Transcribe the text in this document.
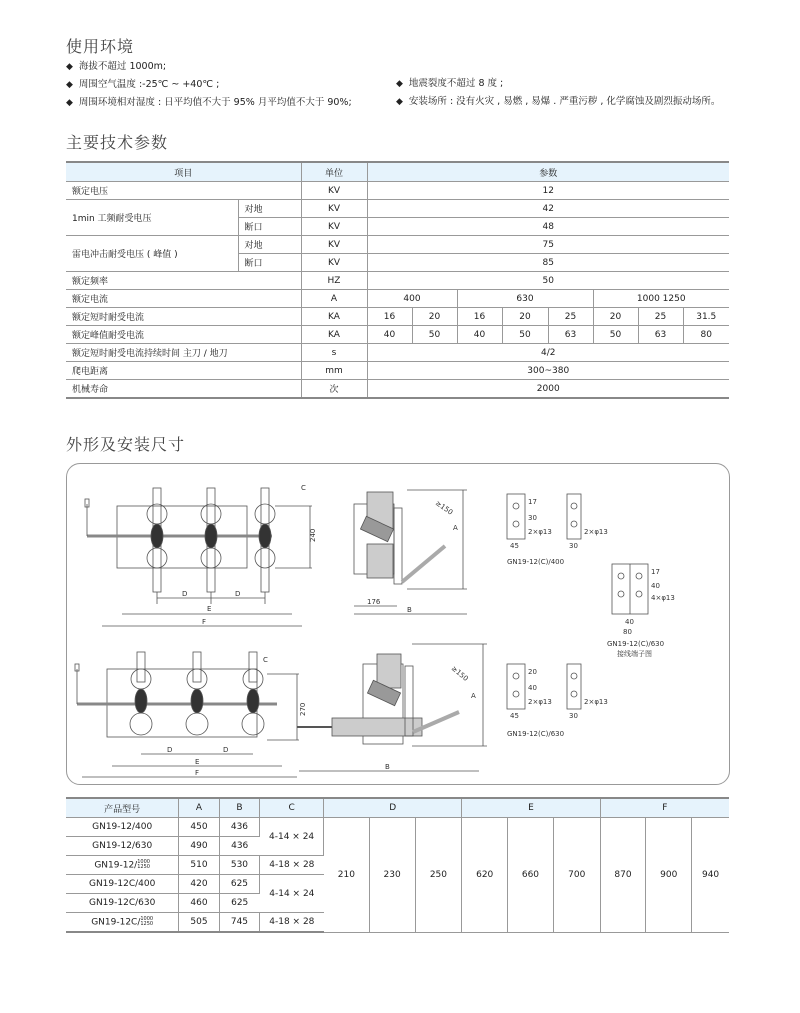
使用环境
◆ 海拔不超过 1000m;
◆ 周围空气温度 :-25℃ ~ +40℃ ;
◆ 周围环境相对湿度 : 日平均值不大于 95% 月平均值不大于 90%;
◆ 地震裂度不超过 8 度 ;
◆ 安装场所 : 没有火灾 , 易燃 , 易爆 . 严重污秽 , 化学腐蚀及剧烈振动场所。
主要技术参数
项目		单位	参数							
额定电压		KV	12							
1min 工频耐受电压	对地	KV	42							
	断口	KV	48							
雷电冲击耐受电压 ( 峰值 )	对地	KV	75							
	断口	KV	85							
额定频率		HZ	50							
额定电流		A	400		630			1000 1250		
额定短时耐受电流		KA	16	20	16	20	25	20	25	31.5
额定峰值耐受电流		KA	40	50	40	50	63	50	63	80
额定短时耐受电流持续时间 主刀 / 地刀		s	4/2							
爬电距离		mm	300~380							
机械寿命		次	2000							
外形及安装尺寸
C
240
D	D
E
F
≥150
A
176
B
17
30
2×φ13
45
2×φ13
30
GN19-12(C)/400
17
40
4×φ13
40
80
GN19-12(C)/630
接线端子图
C
270
D	D
E
F
≥150
A
B
20
40
2×φ13
45
2×φ13
30
GN19-12(C)/630
产品型号	A	B	C	D			E			F		
GN19-12/400	450	436	4-14 × 24	210	230	250	620	660	700	870	900	940
GN19-12/630	490	436										
GN19-12/ 1000
1250	510	530	4-18 × 28									
GN19-12C/400	420	625	4-14 × 24									
GN19-12C/630	460	625										
GN19-12C/ 1000
1250	505	745	4-18 × 28									
